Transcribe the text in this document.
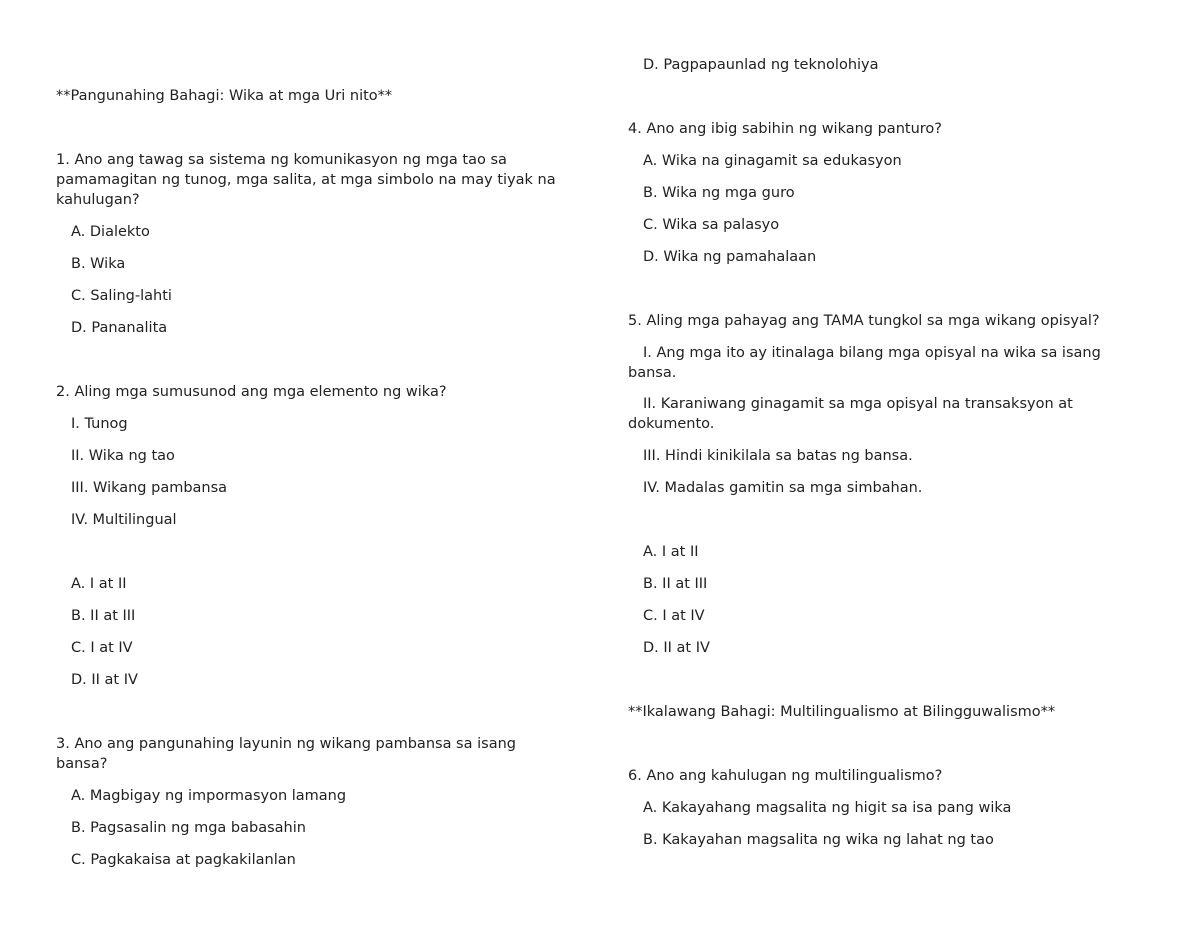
**Pangunahing Bahagi: Wika at mga Uri nito**
1. Ano ang tawag sa sistema ng komunikasyon ng mga tao sa pamamagitan ng tunog, mga salita, at mga simbolo na may tiyak na kahulugan?
A. Dialekto
B. Wika
C. Saling-lahti
D. Pananalita
2. Aling mga sumusunod ang mga elemento ng wika?
I. Tunog
II. Wika ng tao
III. Wikang pambansa
IV. Multilingual
A. I at II
B. II at III
C. I at IV
D. II at IV
3. Ano ang pangunahing layunin ng wikang pambansa sa isang bansa?
A. Magbigay ng impormasyon lamang
B. Pagsasalin ng mga babasahin
C. Pagkakaisa at pagkakilanlan
D. Pagpapaunlad ng teknolohiya
4. Ano ang ibig sabihin ng wikang panturo?
A. Wika na ginagamit sa edukasyon
B. Wika ng mga guro
C. Wika sa palasyo
D. Wika ng pamahalaan
5. Aling mga pahayag ang TAMA tungkol sa mga wikang opisyal?
I. Ang mga ito ay itinalaga bilang mga opisyal na wika sa isang bansa.
II. Karaniwang ginagamit sa mga opisyal na transaksyon at dokumento.
III. Hindi kinikilala sa batas ng bansa.
IV. Madalas gamitin sa mga simbahan.
A. I at II
B. II at III
C. I at IV
D. II at IV
**Ikalawang Bahagi: Multilingualismo at Bilingguwalismo**
6. Ano ang kahulugan ng multilingualismo?
A. Kakayahang magsalita ng higit sa isa pang wika
B. Kakayahan magsalita ng wika ng lahat ng tao
